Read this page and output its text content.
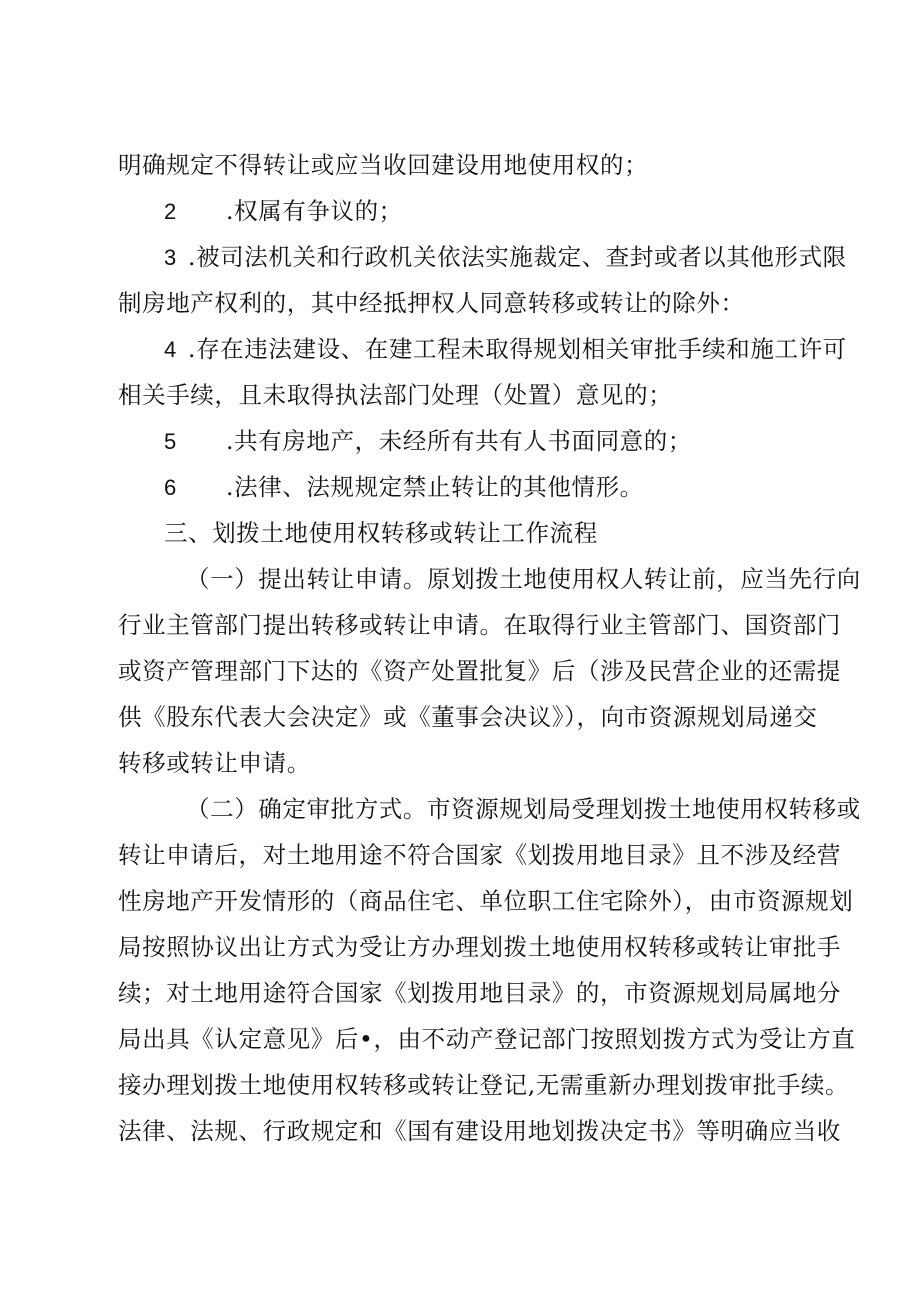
明确规定不得转让或应当收回建设用地使用权的；
2 .权属有争议的；
3 .被司法机关和行政机关依法实施裁定、查封或者以其他形式限
制房地产权利的，其中经抵押权人同意转移或转让的除外：
4 .存在违法建设、在建工程未取得规划相关审批手续和施工许可
相关手续，且未取得执法部门处理（处置）意见的；
5 .共有房地产，未经所有共有人书面同意的；
6 .法律、法规规定禁止转让的其他情形。
三、划拨土地使用权转移或转让工作流程
（一）提出转让申请。原划拨土地使用权人转让前，应当先行向
行业主管部门提出转移或转让申请。在取得行业主管部门、国资部门
或资产管理部门下达的《资产处置批复》后（涉及民营企业的还需提
供《股东代表大会决定》或《董事会决议》），向市资源规划局递交
转移或转让申请。
（二）确定审批方式。市资源规划局受理划拨土地使用权转移或
转让申请后，对土地用途不符合国家《划拨用地目录》且不涉及经营
性房地产开发情形的（商品住宅、单位职工住宅除外），由市资源规划
局按照协议出让方式为受让方办理划拨土地使用权转移或转让审批手
续；对土地用途符合国家《划拨用地目录》的，市资源规划局属地分
局出具《认定意见》后•，由不动产登记部门按照划拨方式为受让方直
接办理划拨土地使用权转移或转让登记,无需重新办理划拨审批手续。
法律、法规、行政规定和《国有建设用地划拨决定书》等明确应当收
